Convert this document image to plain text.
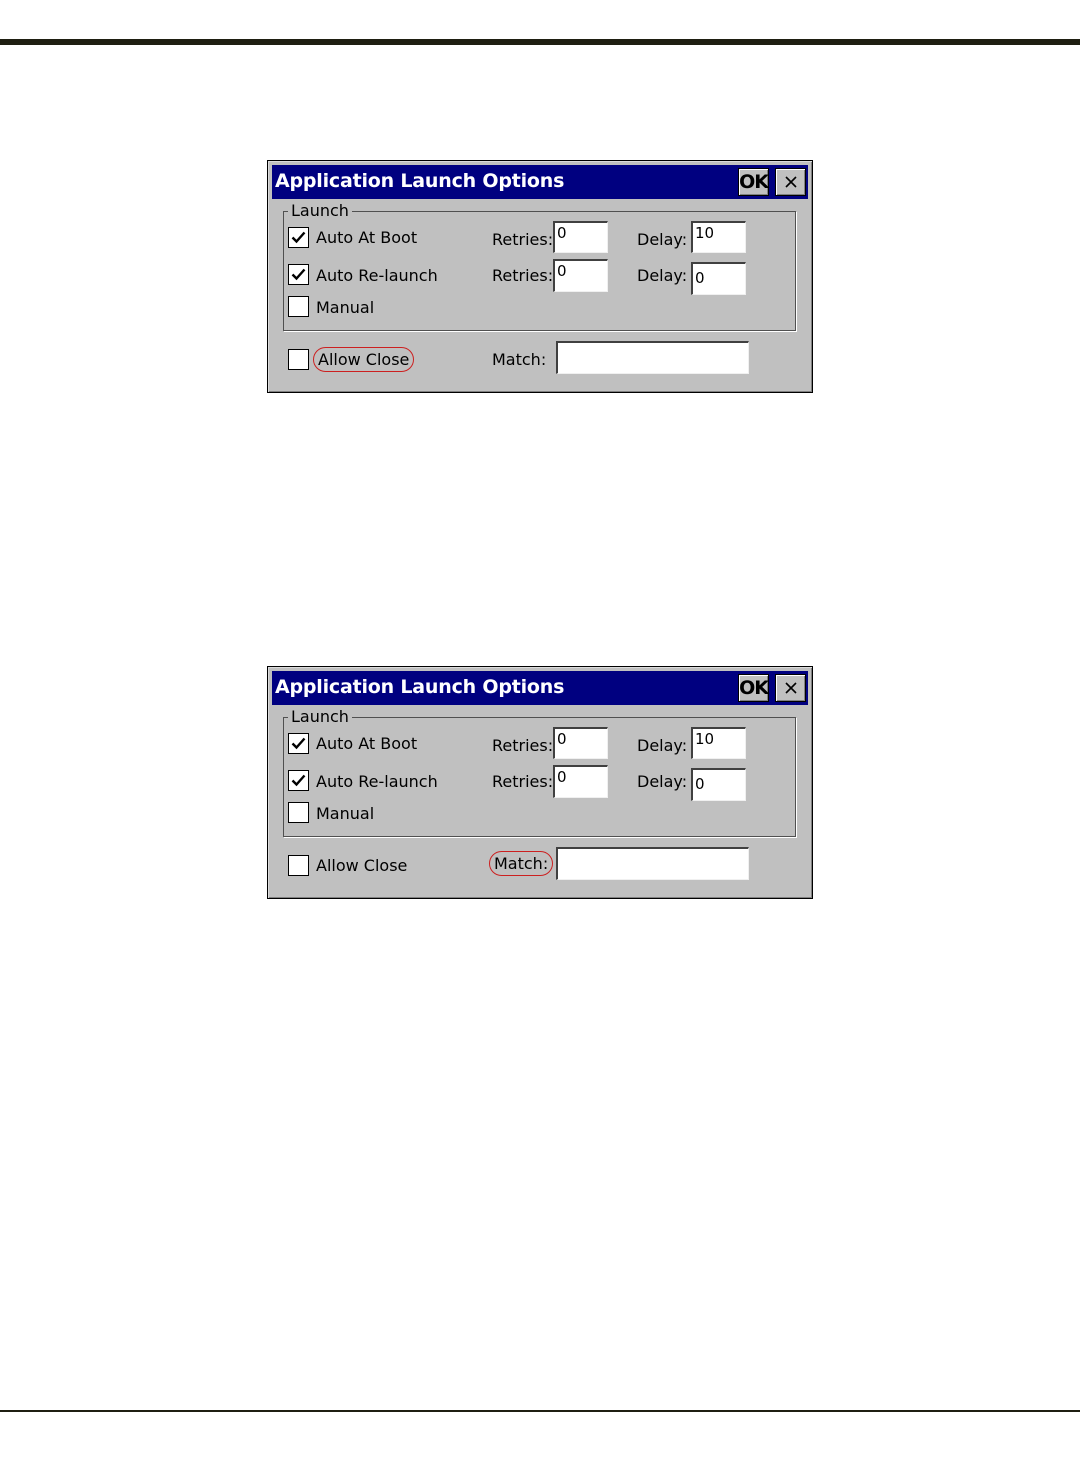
Application Launch Options	OK
Launch
Auto At Boot	Retries: 0	Delay: 10
Auto Re-launch	Retries: 0	Delay: 0
Manual
Allow Close	Match:
Application Launch Options	OK
Launch
Auto At Boot	Retries: 0	Delay: 10
Auto Re-launch	Retries: 0	Delay: 0
Manual
Allow Close	Match:
